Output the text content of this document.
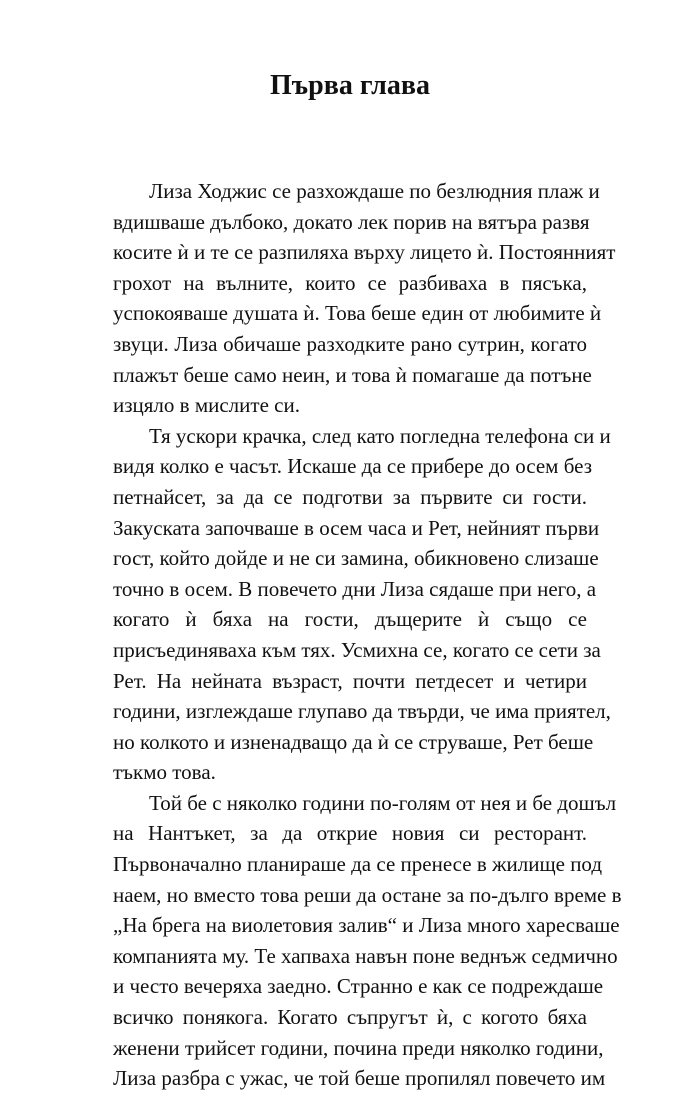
Първа глава

Лиза Ходжис се разхождаше по безлюдния плаж и
вдишваше дълбоко, докато лек порив на вятъра развя
косите ѝ и те се разпиляха върху лицето ѝ. Постоянният
грохот на вълните, които се разбиваха в пясъка,
успокояваше душата ѝ. Това беше един от любимите ѝ
звуци. Лиза обичаше разходките рано сутрин, когато
плажът беше само неин, и това ѝ помагаше да потъне
изцяло в мислите си.

Тя ускори крачка, след като погледна телефона си и
видя колко е часът. Искаше да се прибере до осем без
петнайсет, за да се подготви за първите си гости.
Закуската започваше в осем часа и Рет, нейният първи
гост, който дойде и не си замина, обикновено слизаше
точно в осем. В повечето дни Лиза сядаше при него, а
когато ѝ бяха на гости, дъщерите ѝ също се
присъединяваха към тях. Усмихна се, когато се сети за
Рет. На нейната възраст, почти петдесет и четири
години, изглеждаше глупаво да твърди, че има приятел,
но колкото и изненадващо да ѝ се струваше, Рет беше
тъкмо това.

Той бе с няколко години по-голям от нея и бе дошъл
на Нантъкет, за да открие новия си ресторант.
Първоначално планираше да се пренесе в жилище под
наем, но вместо това реши да остане за по-дълго време в
„На брега на виолетовия залив“ и Лиза много харесваше
компанията му. Те хапваха навън поне веднъж седмично
и често вечеряха заедно. Странно е как се подреждаше
всичко понякога. Когато съпругът ѝ, с когото бяха
женени трийсет години, почина преди няколко години,
Лиза разбра с ужас, че той беше пропилял повечето им
